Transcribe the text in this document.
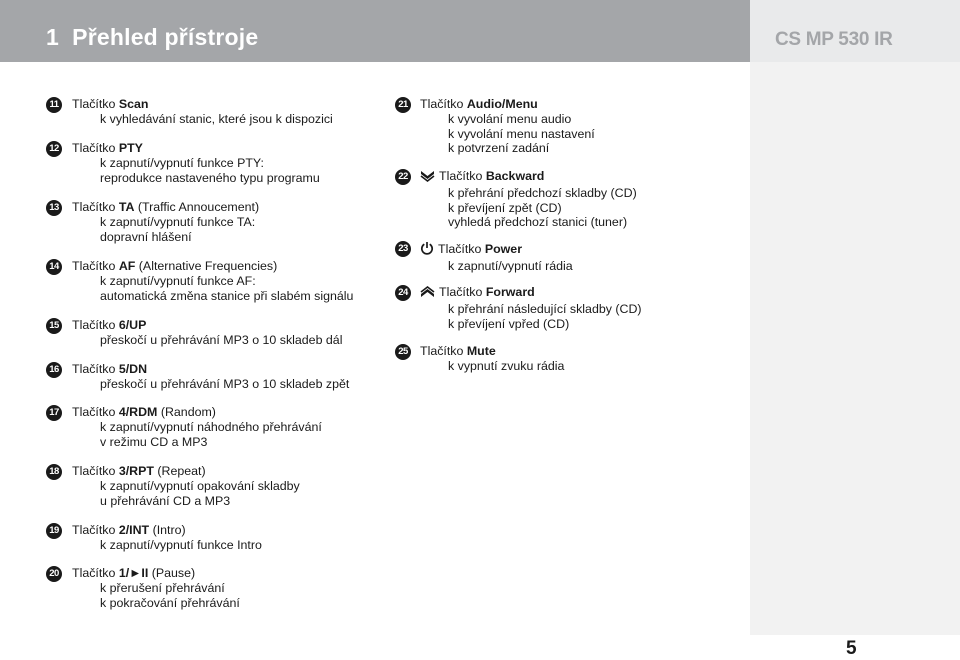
1  Přehled přístroje	CS MP 530 IR
5
11 Tlačítko Scan
k vyhledávání stanic, které jsou k dispozici
12 Tlačítko PTY
k zapnutí/vypnutí funkce PTY:
reprodukce nastaveného typu programu
13 Tlačítko TA (Traffic Annoucement)
k zapnutí/vypnutí funkce TA:
dopravní hlášení
14 Tlačítko AF (Alternative Frequencies)
k zapnutí/vypnutí funkce AF:
automatická změna stanice při slabém signálu
15 Tlačítko 6/UP
přeskočí u přehrávání MP3 o 10 skladeb dál
16 Tlačítko 5/DN
přeskočí u přehrávání MP3 o 10 skladeb zpět
17 Tlačítko 4/RDM (Random)
k zapnutí/vypnutí náhodného přehrávání
v režimu CD a MP3
18 Tlačítko 3/RPT (Repeat)
k zapnutí/vypnutí opakování skladby
u přehrávání CD a MP3
19 Tlačítko 2/INT (Intro)
k zapnutí/vypnutí funkce Intro
20 Tlačítko 1/►II (Pause)
k přerušení přehrávání
k pokračování přehrávání
21 Tlačítko Audio/Menu
k vyvolání menu audio
k vyvolání menu nastavení
k potvrzení zadání
22	Tlačítko Backward
k přehrání předchozí skladby (CD)
k převíjení zpět (CD)
vyhledá předchozí stanici (tuner)
23	Tlačítko Power
k zapnutí/vypnutí rádia
24	Tlačítko Forward
k přehrání následující skladby (CD)
k převíjení vpřed (CD)
25 Tlačítko Mute
k vypnutí zvuku rádia
